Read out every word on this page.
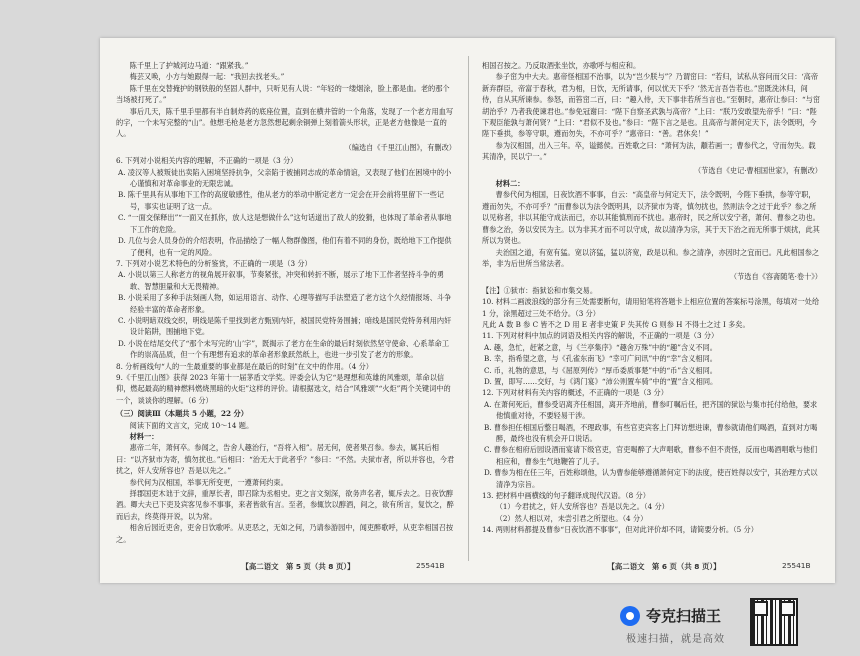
陈千里上了护城河边马道：“跟紧我。”

梅芸又唤，小方与她跟得一起：“我回去找老头。”

陈千里在交替掩护的钢铁般的坚固人群中，只听见有人说：“年轻的一缕烟涂，脸上都是血。老的那个当场被打死了。”

事后几天，陈千里手里都有半自制炸药的底座位置，直到在横井管的一个角落，发现了一个老方用血写的字，一个未写完整的“山”。他想毛枪是老方忽然想起剩余铜弹上刻着箭头形状，正是老方他像是一直的人。

（编选自《千里江山图》，有删改）

6. 下列对小说相关内容的理解，不正确的一项是（3 分）

A. 凌汉等人被叛徒出卖陷入困境坚持抗争，父亲陷于被捕同志成的革命情谊，又表现了他们在困境中的小心谨慎和对革命事业的无限忠诚。

B. 陈千里具有从事地下工作的高度敏感性，他从老方的举动中断定老方一定会在开会前将里留下一些记号，事实也证明了这一点。

C. “一面交保释出”“一面又在抓你，放人这是想做什么”这句话道出了敌人的狡猾，也体现了革命者从事地下工作的危险。

D. 几位与会人员身份的介绍表明，作品描绘了一幅人物群像图，他们有着不同的身份，既给地下工作提供了便利，也有一定的风险。

7. 下列对小说艺术特色的分析鉴赏，不正确的一项是（3 分）

A. 小说以第三人称老方的视角展开叙事，节奏紧张，冲突和转折不断，展示了地下工作者坚持斗争的勇敢、智慧胆量和大无畏精神。

B. 小说采用了多种手法刻画人物，如运用语言、动作、心理等描写手法塑造了老方这个久经情报场、斗争经验丰富的革命者形象。

C. 小说明暗双线交织，明线是陈千里找到老方甄别内奸，被国民党特务围捕；暗线是国民党特务利用内奸设计陷阱，围捕地下党。

D. 小说在结尾交代了“那个未写完的‘山’字”，既揭示了老方在生命的最后时刻依然坚守使命、心系革命工作的崇高品质，但一个有理想有追求的革命者形象跃然纸上，也进一步引发了老方的形象。

8. 分析画线句“人的一生最重要的事业都是在最后的时刻”在文中的作用。（4 分）

9.《千里江山图》获得 2023 年第十一届茅盾文学奖。评委会认为它“是理想和英雄的风雅颂，革命以信仰，燃起最高的精神燃料燃烧黑暗的火炬”这样的评价。请根据选文，结合“风雅颂”“火炬”两个关键词中的一个，谈谈你的理解。（6 分）

（三）阅读Ⅲ（本题共 5 小题，22 分）

阅读下面的文言文，完成 10～14 题。

材料一：

惠帝二年，萧何卒。参闻之，告舍人趣治行，“吾将入相”。居无何，使者果召参。参去，属其后相曰：“以齐狱市为寄，慎勿扰也。”后相曰：“治无大于此者乎？”参曰：“不然。夫狱市者，所以并容也，今君扰之，奸人安所容也？吾是以先之。”

参代何为汉相国，举事无所变更，一遵萧何约束。

择郡国吏木诎于文辞，重厚长者，即召除为丞相史。吏之言文刻深，欲务声名者，辄斥去之。日夜饮醇酒。卿大夫已下吏及宾客见参不事事，来者皆欲有言。至者，参辄饮以醇酒，间之，欲有所言，复饮之，醉而后去，终莫得开说，以为常。

相舍后园近吏舍，吏舍日饮歌呼。从吏恶之，无如之何，乃请参游园中，闻吏醉歌呼，从吏幸相国召按之。

相国召按之。乃反取酒张坐饮，亦歌呼与相应和。

参子窋为中大夫。惠帝怪相国不治事，以为“岂少朕与”？乃谓窋曰：“若归，试私从容问而父曰：‘高帝新弃群臣，帝富于春秋，君为相，日饮，无所请事，何以忧天下乎？’然无言吾告若也。”窋既洗沐归，间侍，自从其所谏参。参怒，而笞窋二百，曰：“趣入侍，天下事非若所当言也。”至朝时，惠帝让参曰：“与窋胡治乎？乃者我使谏君也。”参免冠谢曰：“陛下自察圣武孰与高帝？”上曰：“朕乃安敢望先帝乎！”曰：“陛下观臣能孰与萧何贤？”上曰：“君似不及也。”参曰：“陛下言之是也。且高帝与萧何定天下，法令既明，今陛下垂拱，参等守职，遵而勿失，不亦可乎？”惠帝曰：“善。君休矣！”

参为汉相国，出入三年。卒，谥懿侯。百姓歌之曰：“萧何为法，顜若画一；曹参代之，守而勿失。载其清净，民以宁一。”

（节选自《史记·曹相国世家》，有删改）

材料二：

曹参代何为相国，日夜饮酒不事事，自云：“高皇帝与何定天下，法令既明，今陛下垂拱，参等守职，遵而勿失，不亦可乎？”而曹参以为法令既明具，以齐狱市为寄，慎勿扰也，然则法令之过于此乎？参之所以见称者，非以其能守成法而已，亦以其能慎刑而不扰也。惠帝时，民之所以安宁者，萧何、曹参之功也。曹参之治，务以安民为主。以为非其才而不可以守成，故以清净为宗，其于天下治之而无所事于烦扰，此其所以为贤也。

夫治国之道，有宽有猛。宽以济猛，猛以济宽，政是以和。参之清净，亦因时之宜而已。凡此相国参之举，非为后世所当常法者。

（节选自《容斋随笔·卷十》）

【注】①狱市：指狱讼和市集交易。

10. 材料二画波浪线的部分有三处需要断句，请用铅笔将答题卡上相应位置的答案标号涂黑，每填对一处给 1 分，涂黑超过三处不给分。（3 分）

凡此 A 数 B 参 C 皆不之 D 用 E 者非史策 F 失其传 G 则参 H 不得士之过 I 多矣。

11. 下列对材料中加点的词语及相关内容的解说，不正确的一项是（3 分）

A. 趣，急忙，赶紧之意，与《兰亭集序》“趣舍万殊”中的“趣”含义不同。

B. 幸，指希望之意，与《孔雀东南飞》“幸可广问讯”中的“幸”含义相同。

C. 币，礼物的意思，与《屈原列传》“厚币委质事楚”中的“币”含义相同。

D. 置，即写……交好，与《鸿门宴》“沛公则置车骑”中的“置”含义相同。

12. 下列对材料有关内容的概述，不正确的一项是（3 分）

A. 在萧何死后，曹参受诏离齐任相国，离开齐地前，曹参叮嘱后任，把齐国的狱讼与集市托付给他，要求他慎重对待，不要轻易干涉。

B. 曹参担任相国后整日喝酒，不理政事，有些官吏宾客上门拜访想进谏，曹参就请他们喝酒，直到对方喝醉，最终也没有机会开口说话。

C. 曹参在相府后园设酒而宴请下级官吏，官吏喝醉了大声唱歌，曹参不但不责怪，反而也喝酒唱歌与他们相应和，曹参生气地鞭笞了儿子。

D. 曹参为相在任三年，百姓称颂他，认为曹参能够遵循萧何定下的法度，使百姓得以安宁，其治理方式以清净为宗旨。

13. 把材料中画横线的句子翻译成现代汉语。（8 分）

（1）今君扰之，奸人安所容也？吾是以先之。（4 分）

（2）然人相以对，未尝引君之所望也。（4 分）

14. 两则材料都提及曹参“日夜饮酒不事事”，但对此评价却不同，请简要分析。（5 分）

【高二语文　第 5 页（共 8 页）】	25541B	【高二语文　第 6 页（共 8 页）】	25541B
夸克扫描王
极速扫描，就是高效
